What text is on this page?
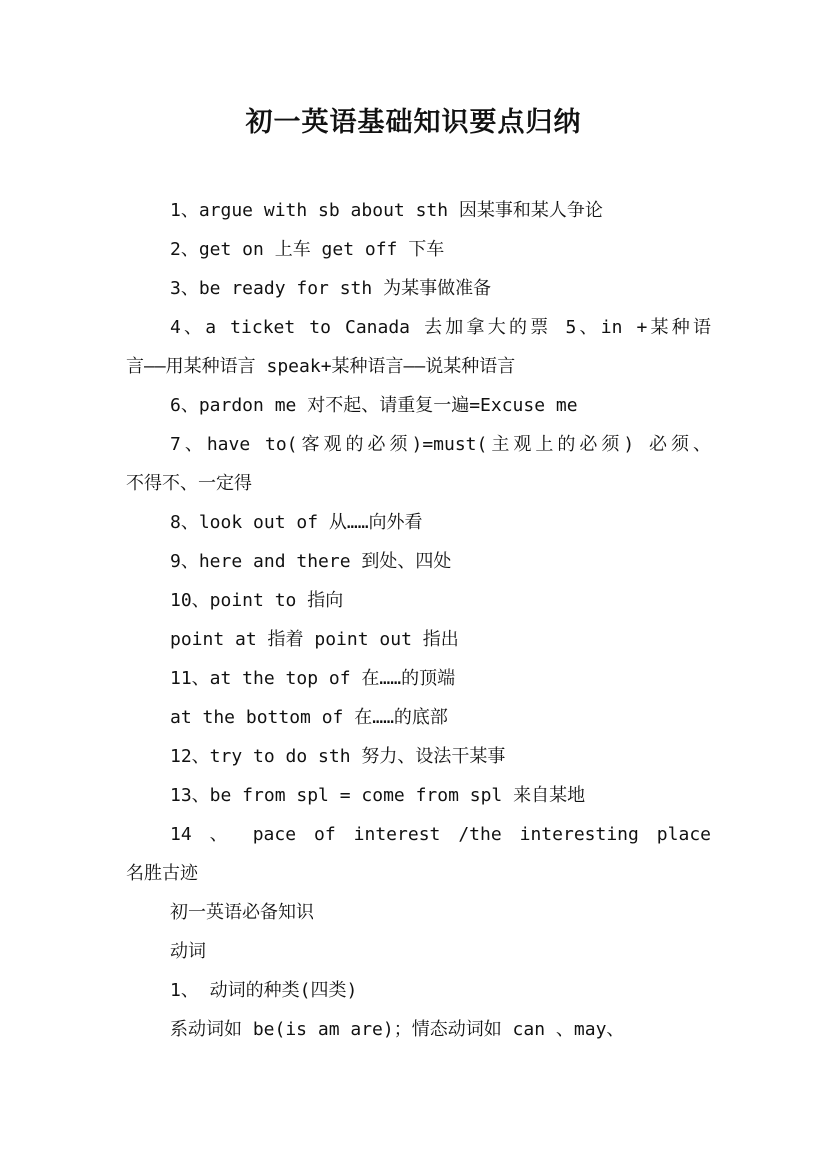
初一英语基础知识要点归纳
1、argue with sb about sth 因某事和某人争论
2、get on 上车 get off 下车
3、be ready for sth 为某事做准备
4、a ticket to Canada 去加拿大的票 5、in +某种语
言——用某种语言 speak+某种语言——说某种语言
6、pardon me 对不起、请重复一遍=Excuse me
7、have to(客观的必须)=must(主观上的必须) 必须、
不得不、一定得
8、look out of 从……向外看
9、here and there 到处、四处
10、point to 指向
point at 指着 point out 指出
11、at the top of 在……的顶端
at the bottom of 在……的底部
12、try to do sth 努力、设法干某事
13、be from spl = come from spl 来自某地
14 、 pace of interest /the interesting place
名胜古迹
初一英语必备知识
动词
1、 动词的种类(四类)
系动词如 be(is am are)；情态动词如 can 、may、
